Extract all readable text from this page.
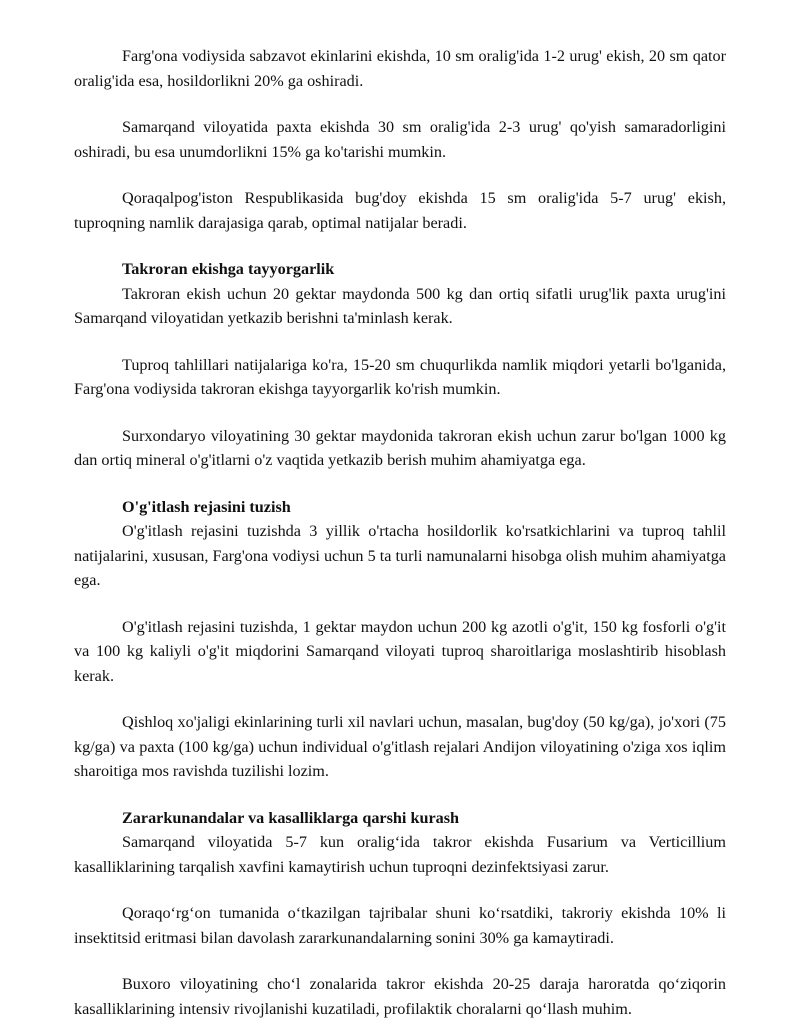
Farg'ona vodiysida sabzavot ekinlarini ekishda, 10 sm oralig'ida 1-2 urug' ekish, 20 sm qator oralig'ida esa, hosildorlikni 20% ga oshiradi.

Samarqand viloyatida paxta ekishda 30 sm oralig'ida 2-3 urug' qo'yish samaradorligini oshiradi, bu esa unumdorlikni 15% ga ko'tarishi mumkin.

Qoraqalpog'iston Respublikasida bug'doy ekishda 15 sm oralig'ida 5-7 urug' ekish, tuproqning namlik darajasiga qarab, optimal natijalar beradi.

Takroran ekishga tayyorgarlik

Takroran ekish uchun 20 gektar maydonda 500 kg dan ortiq sifatli urug'lik paxta urug'ini Samarqand viloyatidan yetkazib berishni ta'minlash kerak.

Tuproq tahlillari natijalariga ko'ra, 15-20 sm chuqurlikda namlik miqdori yetarli bo'lganida, Farg'ona vodiysida takroran ekishga tayyorgarlik ko'rish mumkin.

Surxondaryo viloyatining 30 gektar maydonida takroran ekish uchun zarur bo'lgan 1000 kg dan ortiq mineral o'g'itlarni o'z vaqtida yetkazib berish muhim ahamiyatga ega.

O'g'itlash rejasini tuzish

O'g'itlash rejasini tuzishda 3 yillik o'rtacha hosildorlik ko'rsatkichlarini va tuproq tahlil natijalarini, xususan, Farg'ona vodiysi uchun 5 ta turli namunalarni hisobga olish muhim ahamiyatga ega.

O'g'itlash rejasini tuzishda, 1 gektar maydon uchun 200 kg azotli o'g'it, 150 kg fosforli o'g'it va 100 kg kaliyli o'g'it miqdorini Samarqand viloyati tuproq sharoitlariga moslashtirib hisoblash kerak.

Qishloq xo'jaligi ekinlarining turli xil navlari uchun, masalan, bug'doy (50 kg/ga), jo'xori (75 kg/ga) va paxta (100 kg/ga) uchun individual o'g'itlash rejalari Andijon viloyatining o'ziga xos iqlim sharoitiga mos ravishda tuzilishi lozim.

Zararkunandalar va kasalliklarga qarshi kurash

Samarqand viloyatida 5-7 kun oralig‘ida takror ekishda Fusarium va Verticillium kasalliklarining tarqalish xavfini kamaytirish uchun tuproqni dezinfektsiyasi zarur.

Qoraqo‘rg‘on tumanida o‘tkazilgan tajribalar shuni ko‘rsatdiki, takroriy ekishda 10% li insektitsid eritmasi bilan davolash zararkunandalarning sonini 30% ga kamaytiradi.

Buxoro viloyatining cho‘l zonalarida takror ekishda 20-25 daraja haroratda qo‘ziqorin kasalliklarining intensiv rivojlanishi kuzatiladi, profilaktik choralarni qo‘llash muhim.
